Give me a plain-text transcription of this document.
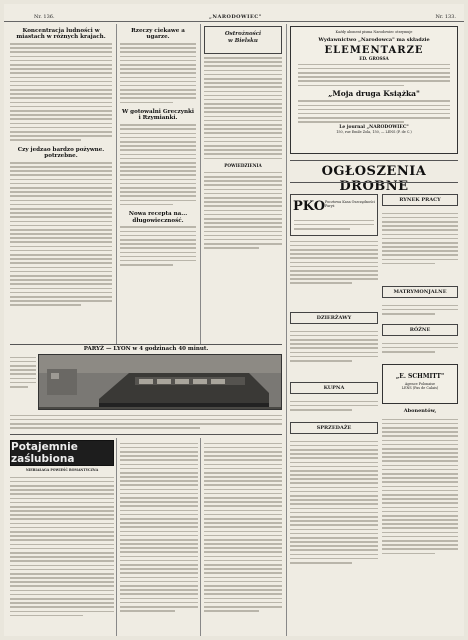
Nr. 136.	„NARODOWIEC"	Nr. 133.
Koncentracja ludności w miastach w różnych krajach.
Czy jedzao bardzo pożywne.
potrzebne.
Rzeczy ciekawe a ugarze.
W gotowalni Greczynki i Rzymianki.
Nowa recepta na... długowieczność.
Ostrożności
w Bielsku
POWIEDZIENIA
Kaźdy abonent pisma Narodowiec otrzymuje
Wydawnictwo „Narodowca" ma składzie
ELEMENTARZE
ED. GROSSA
„Moja druga Książka"
Le journal „NARODOWIEC"
150, rue Emile Zola, 150, — LENS (P. de C.)
OGŁOSZENIA DROBNE
PKO Pocztowa Kasa Oszczędności Paryż
RYNEK PRACY
MATRYMONJALNE
RÓŻNE
DZIERŻAWY
KUPNA
SPRZEDAŻE
„E. SCHMITT"
Agence Polonaise
LENS (Pas de Calais)
Abonentów,
PARYŻ — LYON w 4 godzinach 40 minut.
Potajemnie zaślubiona
NIEBIAŁAGA POWIEŚĆ ROMANTYCZNA
